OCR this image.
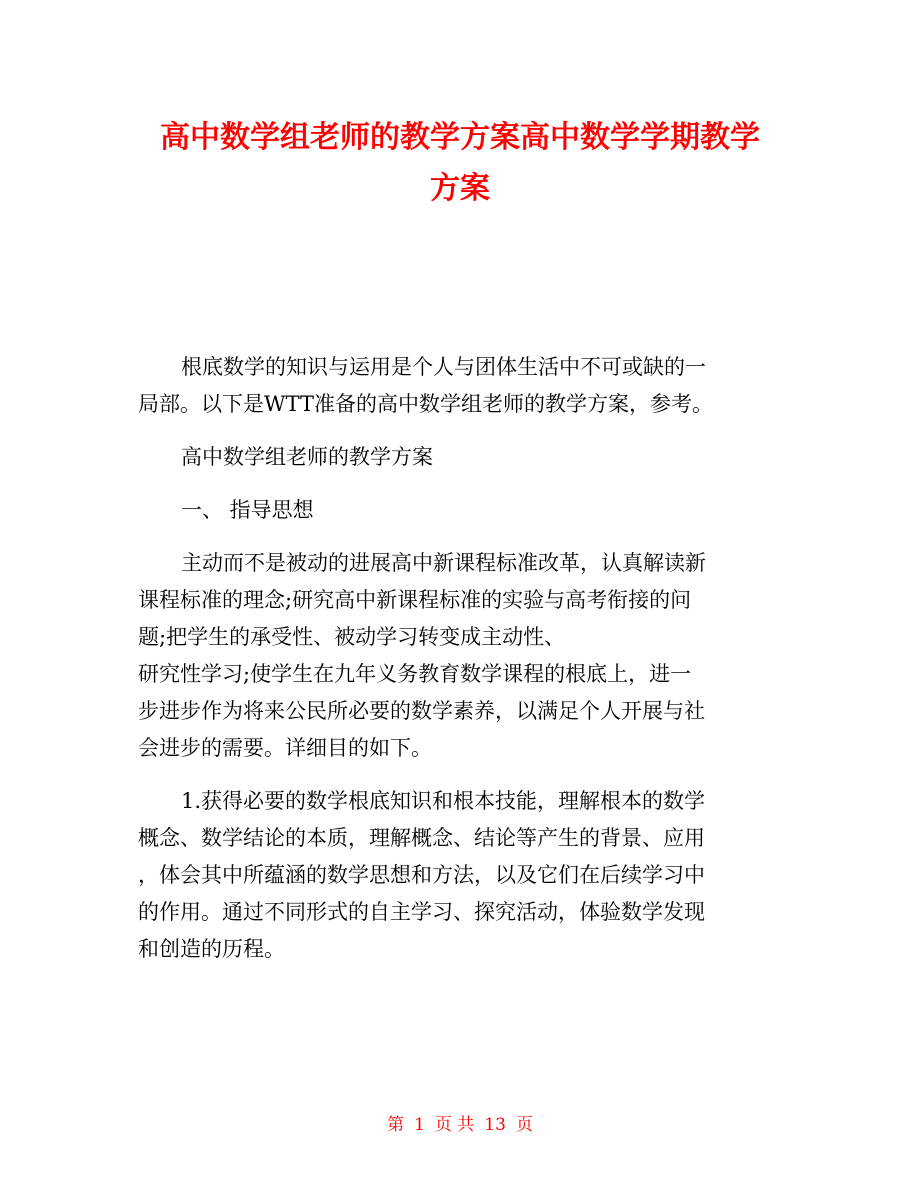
高中数学组老师的教学方案高中数学学期教学
方案
根底数学的知识与运用是个人与团体生活中不可或缺的一
局部。以下是WTT准备的高中数学组老师的教学方案，参考。
高中数学组老师的教学方案
一、 指导思想
主动而不是被动的进展高中新课程标准改革，认真解读新
课程标准的理念;研究高中新课程标准的实验与高考衔接的问
题;把学生的承受性、被动学习转变成主动性、
研究性学习;使学生在九年义务教育数学课程的根底上，进一
步进步作为将来公民所必要的数学素养，以满足个人开展与社
会进步的需要。详细目的如下。
1.获得必要的数学根底知识和根本技能，理解根本的数学
概念、数学结论的本质，理解概念、结论等产生的背景、应用
，体会其中所蕴涵的数学思想和方法，以及它们在后续学习中
的作用。通过不同形式的自主学习、探究活动，体验数学发现
和创造的历程。
第 1 页 共 13 页
